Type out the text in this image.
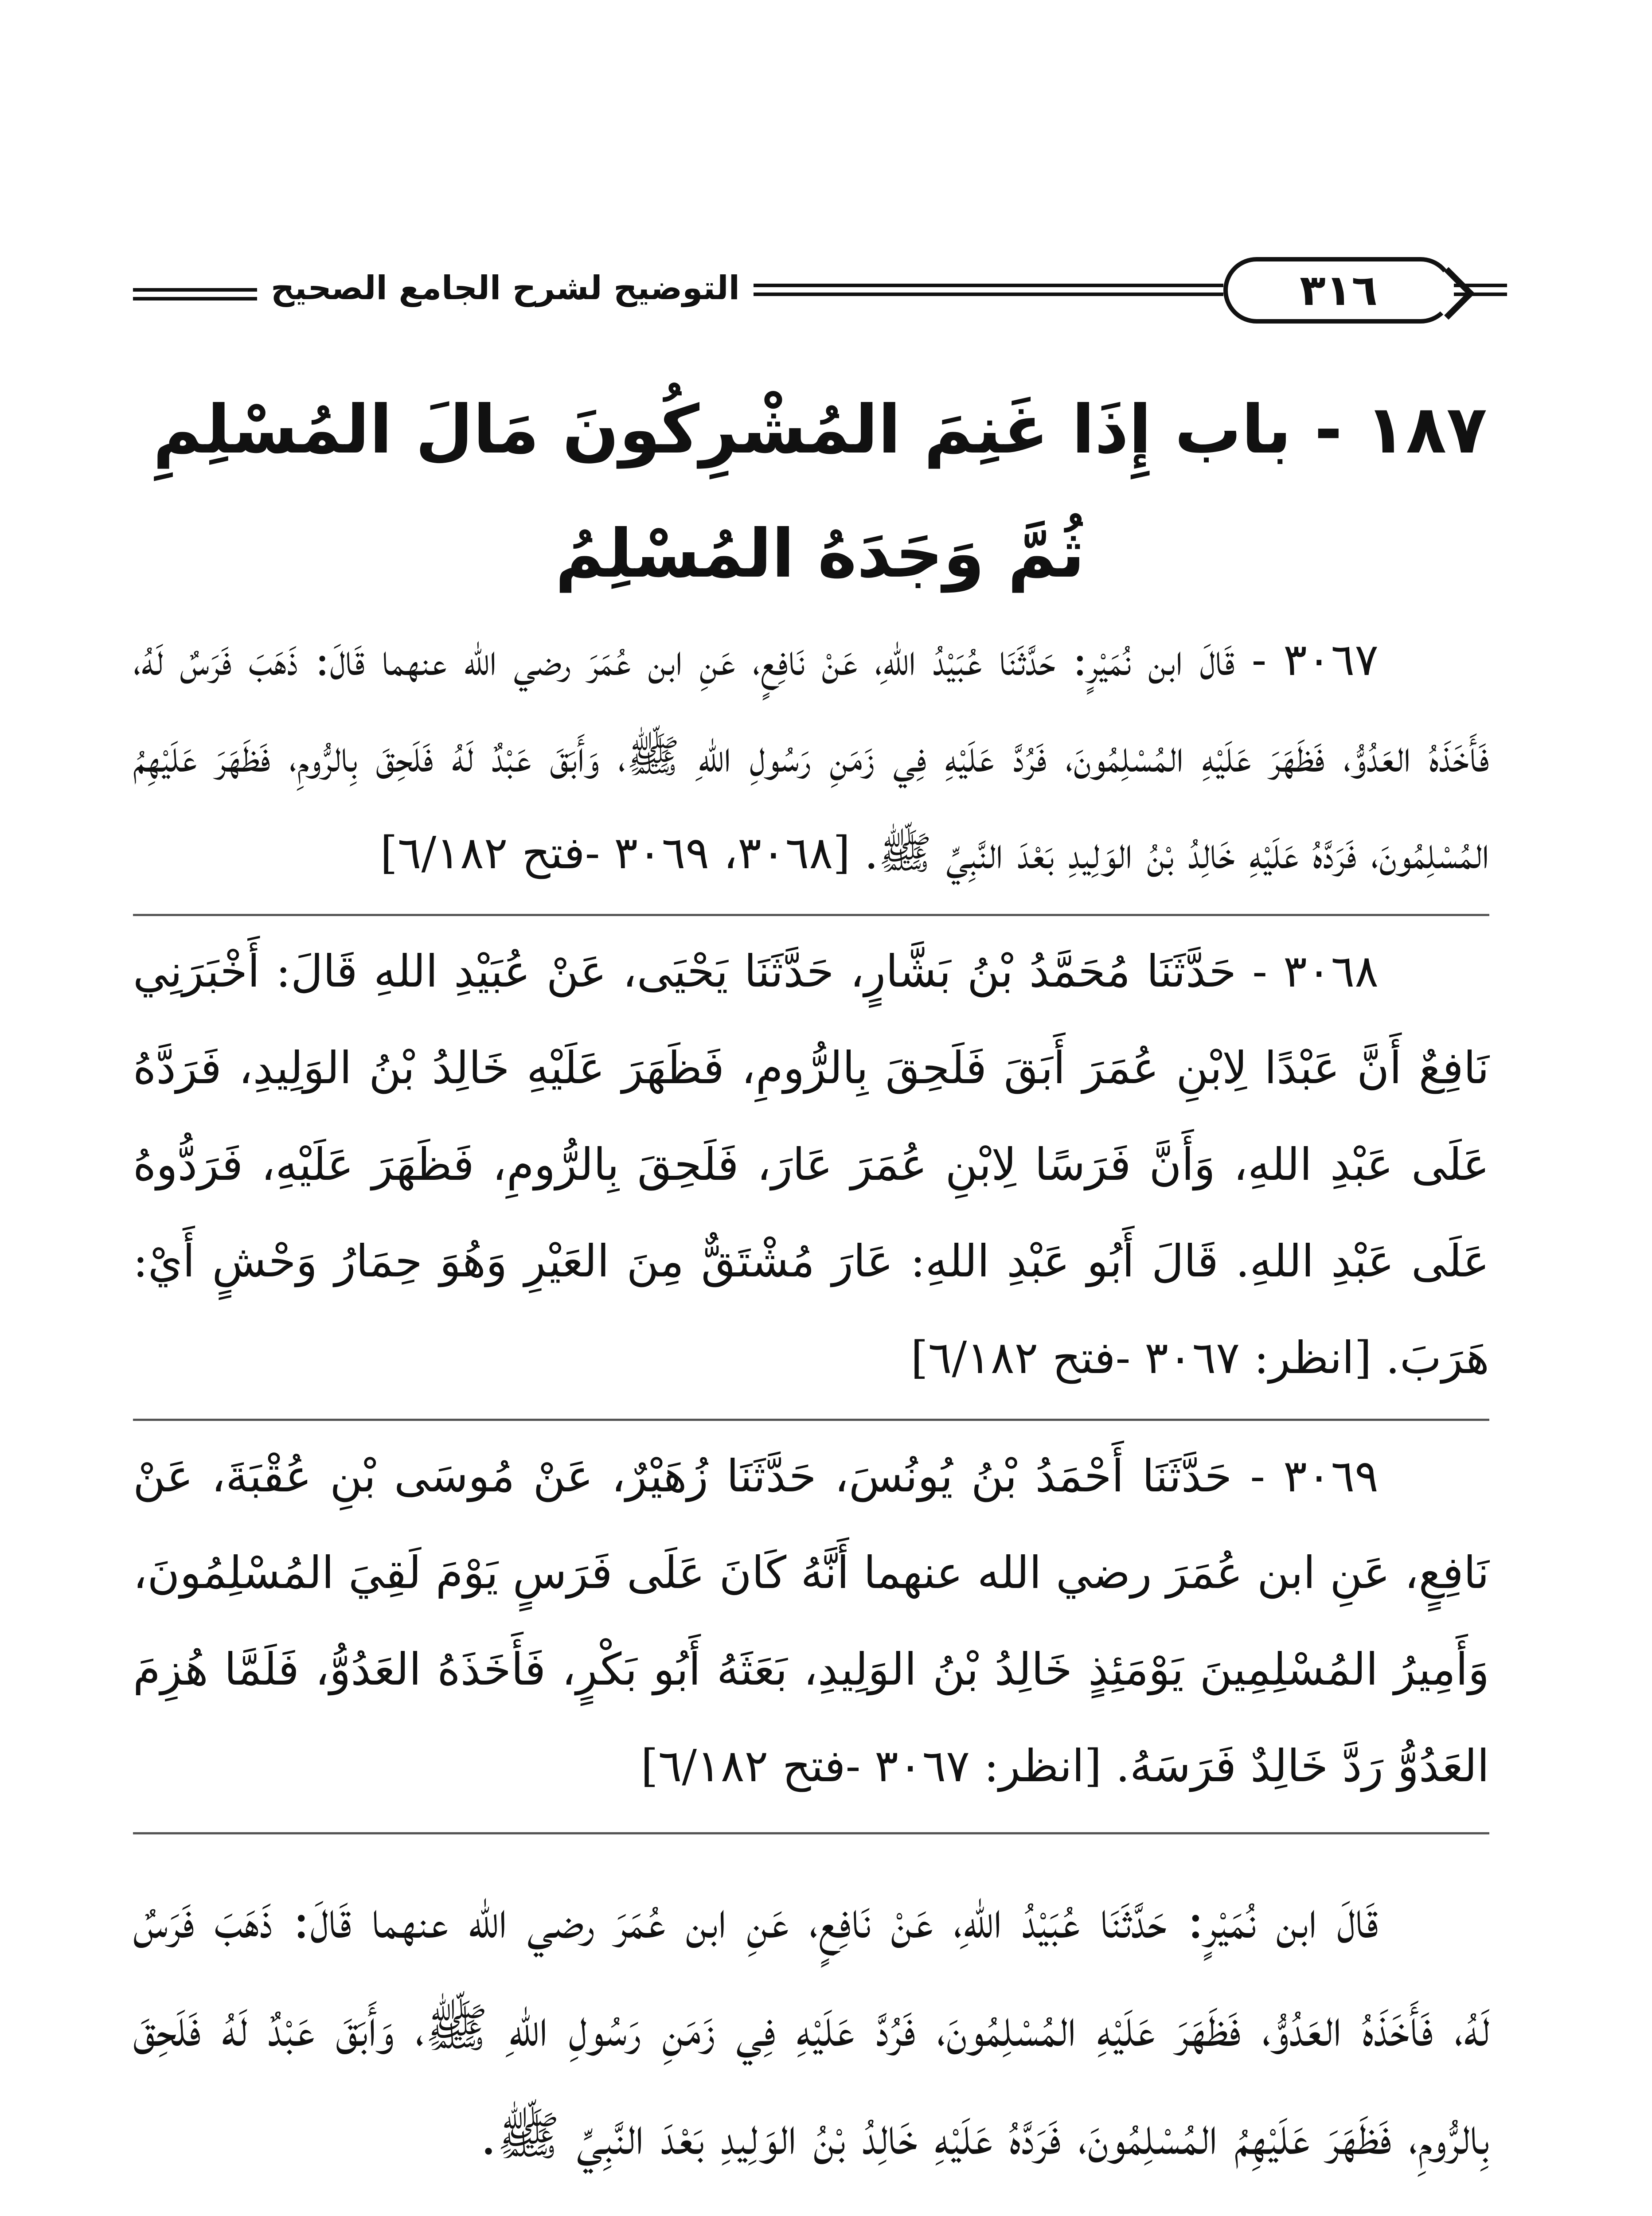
التوضيح لشرح الجامع الصحيح	٣١٦
١٨٧ - باب إِذَا غَنِمَ المُشْرِكُونَ مَالَ المُسْلِمِ
ثُمَّ وَجَدَهُ المُسْلِمُ

٣٠٦٧ - قَالَ ابن نُمَيْرٍ: حَدَّثَنَا عُبَيْدُ اللهِ، عَنْ نَافِعٍ، عَنِ ابن عُمَرَ رضي الله عنهما قَالَ: ذَهَبَ فَرَسٌ لَهُ، فَأَخَذَهُ العَدُوُّ، فَظَهَرَ عَلَيْهِ المُسْلِمُونَ، فَرُدَّ عَلَيْهِ فِي زَمَنِ رَسُولِ اللهِ ﷺ، وَأَبَقَ عَبْدٌ لَهُ فَلَحِقَ بِالرُّومِ، فَظَهَرَ عَلَيْهِمُ المُسْلِمُونَ، فَرَدَّهُ عَلَيْهِ خَالِدُ بْنُ الوَلِيدِ بَعْدَ النَّبِيِّ ﷺ. [٣٠٦٨، ٣٠٦٩ -فتح ٦/١٨٢]

٣٠٦٨ - حَدَّثَنَا مُحَمَّدُ بْنُ بَشَّارٍ، حَدَّثَنَا يَحْيَى، عَنْ عُبَيْدِ اللهِ قَالَ: أَخْبَرَنِي نَافِعٌ أَنَّ عَبْدًا لِابْنِ عُمَرَ أَبَقَ فَلَحِقَ بِالرُّومِ، فَظَهَرَ عَلَيْهِ خَالِدُ بْنُ الوَلِيدِ، فَرَدَّهُ عَلَى عَبْدِ اللهِ، وَأَنَّ فَرَسًا لِابْنِ عُمَرَ عَارَ، فَلَحِقَ بِالرُّومِ، فَظَهَرَ عَلَيْهِ، فَرَدُّوهُ عَلَى عَبْدِ اللهِ. قَالَ أَبُو عَبْدِ اللهِ: عَارَ مُشْتَقٌّ مِنَ العَيْرِ وَهُوَ حِمَارُ وَحْشٍ أَيْ: هَرَبَ. [انظر: ٣٠٦٧ -فتح ٦/١٨٢]

٣٠٦٩ - حَدَّثَنَا أَحْمَدُ بْنُ يُونُسَ، حَدَّثَنَا زُهَيْرٌ، عَنْ مُوسَى بْنِ عُقْبَةَ، عَنْ نَافِعٍ، عَنِ ابن عُمَرَ رضي الله عنهما أَنَّهُ كَانَ عَلَى فَرَسٍ يَوْمَ لَقِيَ المُسْلِمُونَ، وَأَمِيرُ المُسْلِمِينَ يَوْمَئِذٍ خَالِدُ بْنُ الوَلِيدِ، بَعَثَهُ أَبُو بَكْرٍ، فَأَخَذَهُ العَدُوُّ، فَلَمَّا هُزِمَ العَدُوُّ رَدَّ خَالِدٌ فَرَسَهُ. [انظر: ٣٠٦٧ -فتح ٦/١٨٢]

قَالَ ابن نُمَيْرٍ: حَدَّثَنَا عُبَيْدُ اللهِ، عَنْ نَافِعٍ، عَنِ ابن عُمَرَ رضي الله عنهما قَالَ: ذَهَبَ فَرَسٌ لَهُ، فَأَخَذَهُ العَدُوُّ، فَظَهَرَ عَلَيْهِ المُسْلِمُونَ، فَرُدَّ عَلَيْهِ فِي زَمَنِ رَسُولِ اللهِ ﷺ، وَأَبَقَ عَبْدٌ لَهُ فَلَحِقَ بِالرُّومِ، فَظَهَرَ عَلَيْهِمُ المُسْلِمُونَ، فَرَدَّهُ عَلَيْهِ خَالِدُ بْنُ الوَلِيدِ بَعْدَ النَّبِيِّ ﷺ.
